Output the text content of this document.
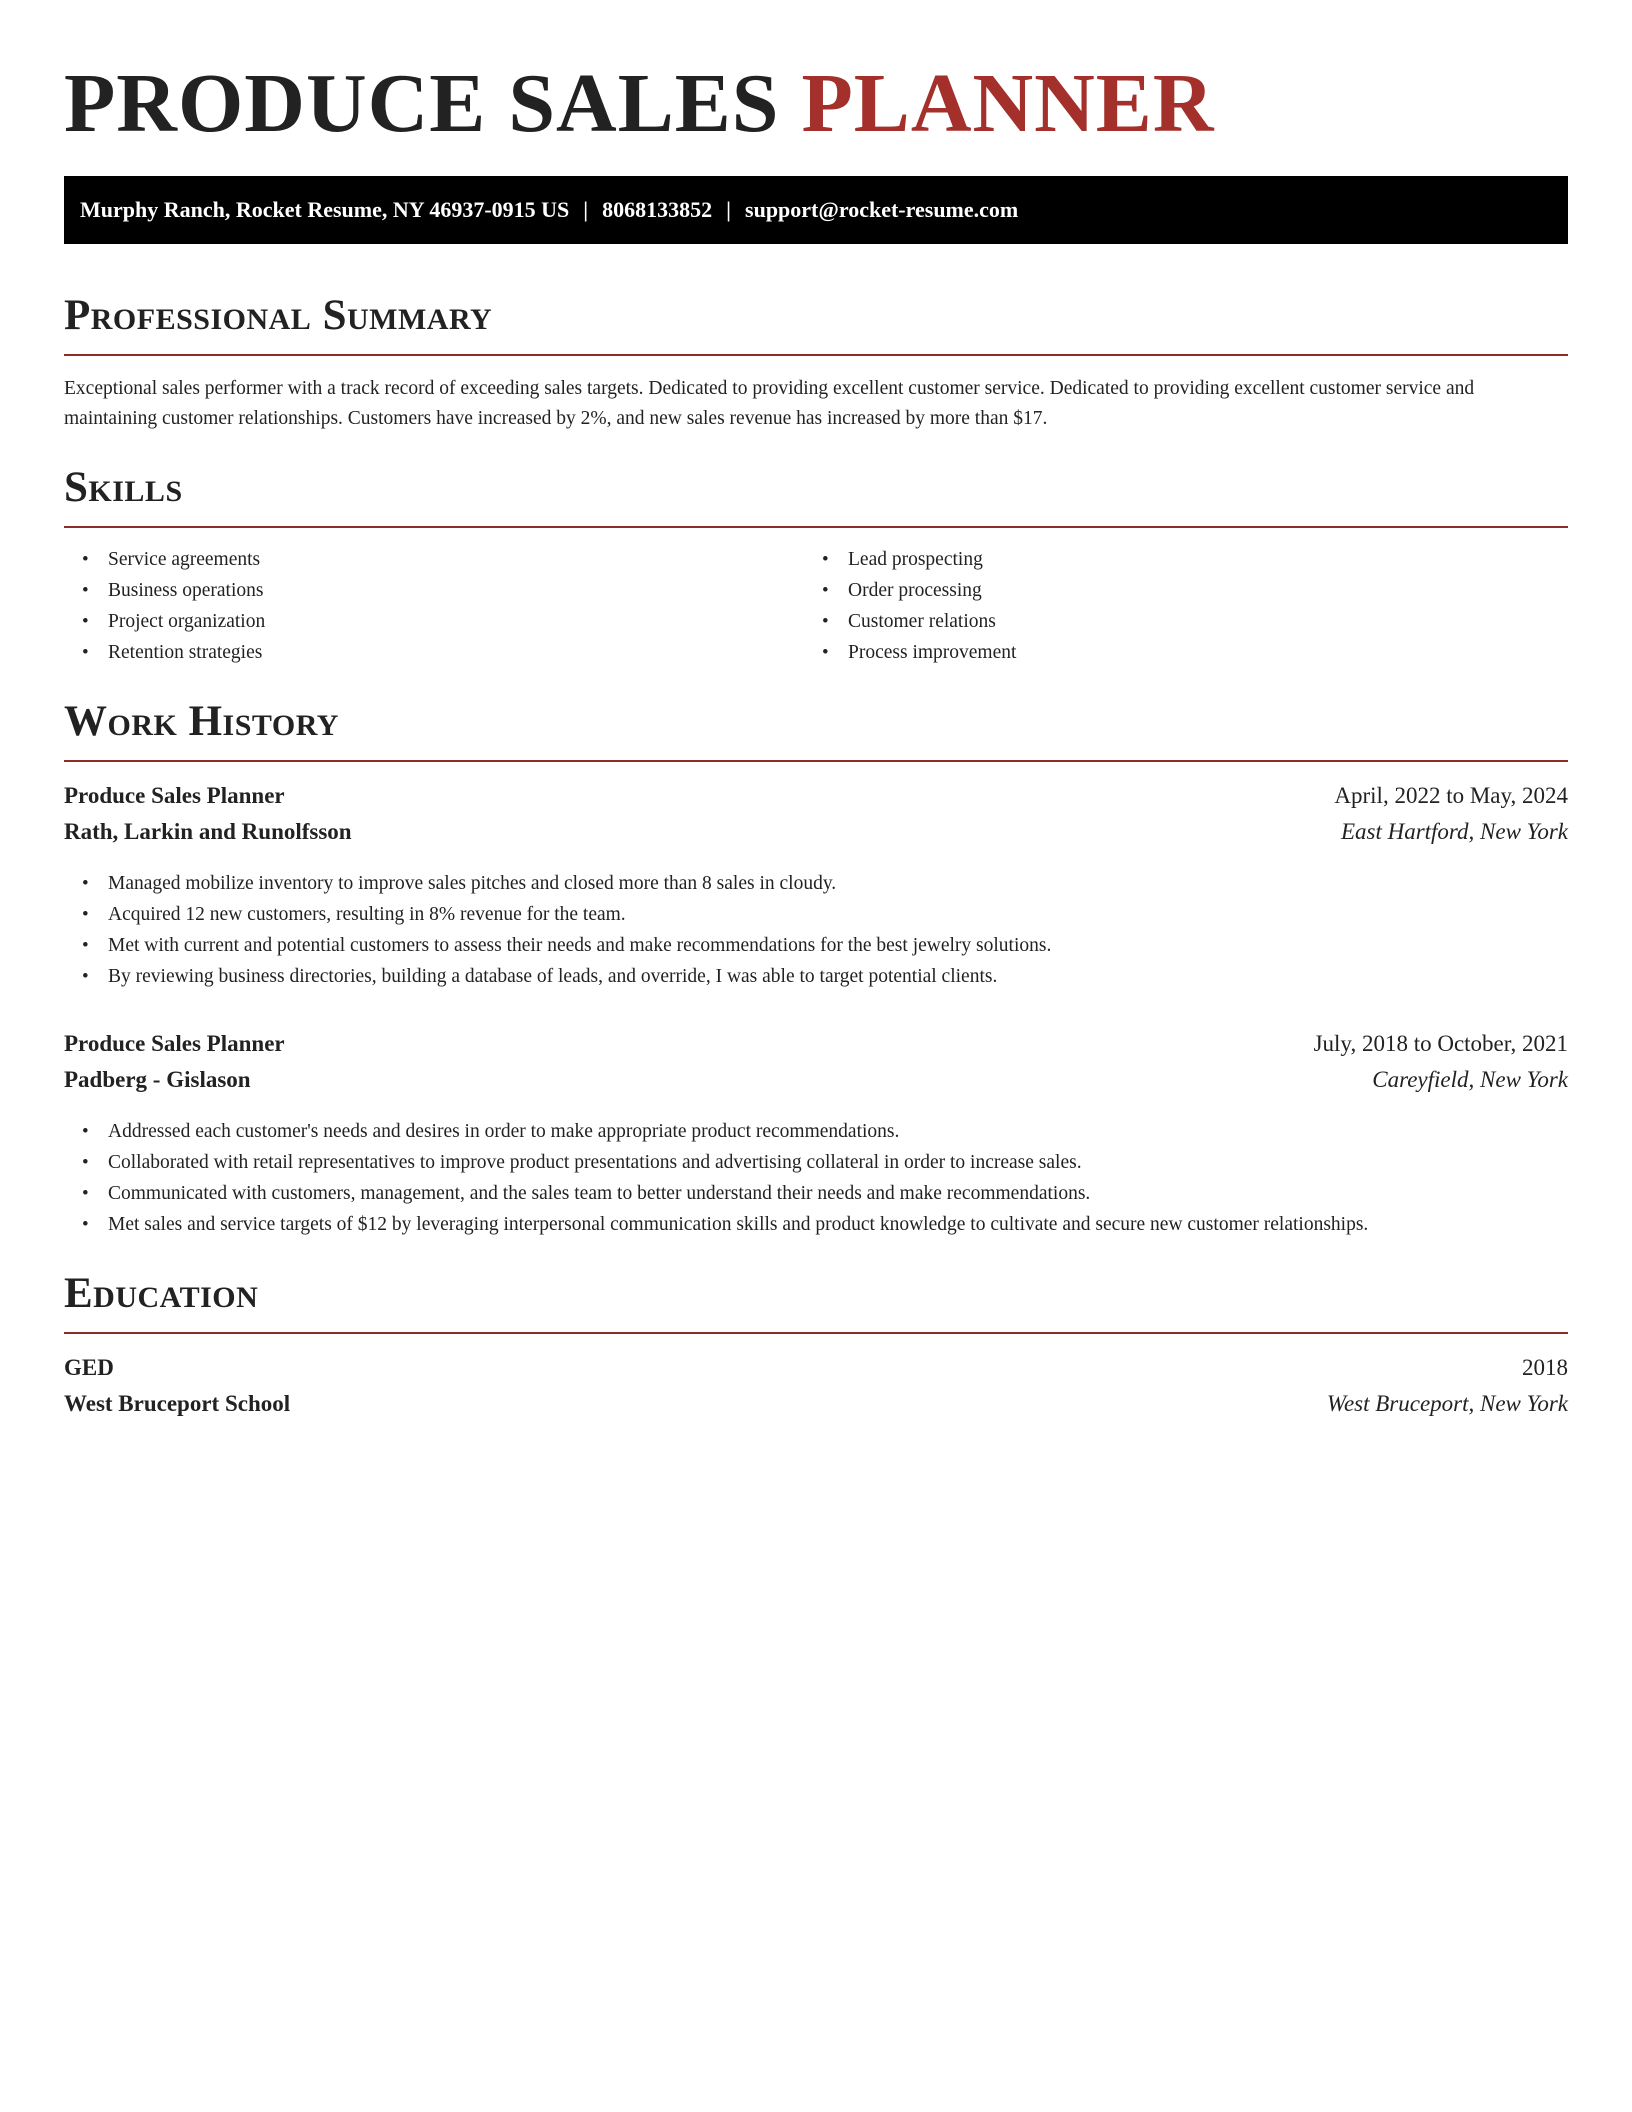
PRODUCE SALES PLANNER
Murphy Ranch, Rocket Resume, NY 46937-0915 US | 8068133852 | support@rocket-resume.com
Professional Summary

Exceptional sales performer with a track record of exceeding sales targets. Dedicated to providing excellent customer service. Dedicated to providing excellent customer service and maintaining customer relationships. Customers have increased by 2%, and new sales revenue has increased by more than $17.

Skills
• Service agreements
• Business operations
• Project organization
• Retention strategies
• Lead prospecting
• Order processing
• Customer relations
• Process improvement
Work History
Produce Sales Planner	April, 2022 to May, 2024
Rath, Larkin and Runolfsson	East Hartford, New York
• Managed mobilize inventory to improve sales pitches and closed more than 8 sales in cloudy.
• Acquired 12 new customers, resulting in 8% revenue for the team.
• Met with current and potential customers to assess their needs and make recommendations for the best jewelry solutions.
• By reviewing business directories, building a database of leads, and override, I was able to target potential clients.
Produce Sales Planner	July, 2018 to October, 2021
Padberg - Gislason	Careyfield, New York
• Addressed each customer's needs and desires in order to make appropriate product recommendations.
• Collaborated with retail representatives to improve product presentations and advertising collateral in order to increase sales.
• Communicated with customers, management, and the sales team to better understand their needs and make recommendations.
• Met sales and service targets of $12 by leveraging interpersonal communication skills and product knowledge to cultivate and secure new customer relationships.
Education
GED	2018
West Bruceport School	West Bruceport, New York
